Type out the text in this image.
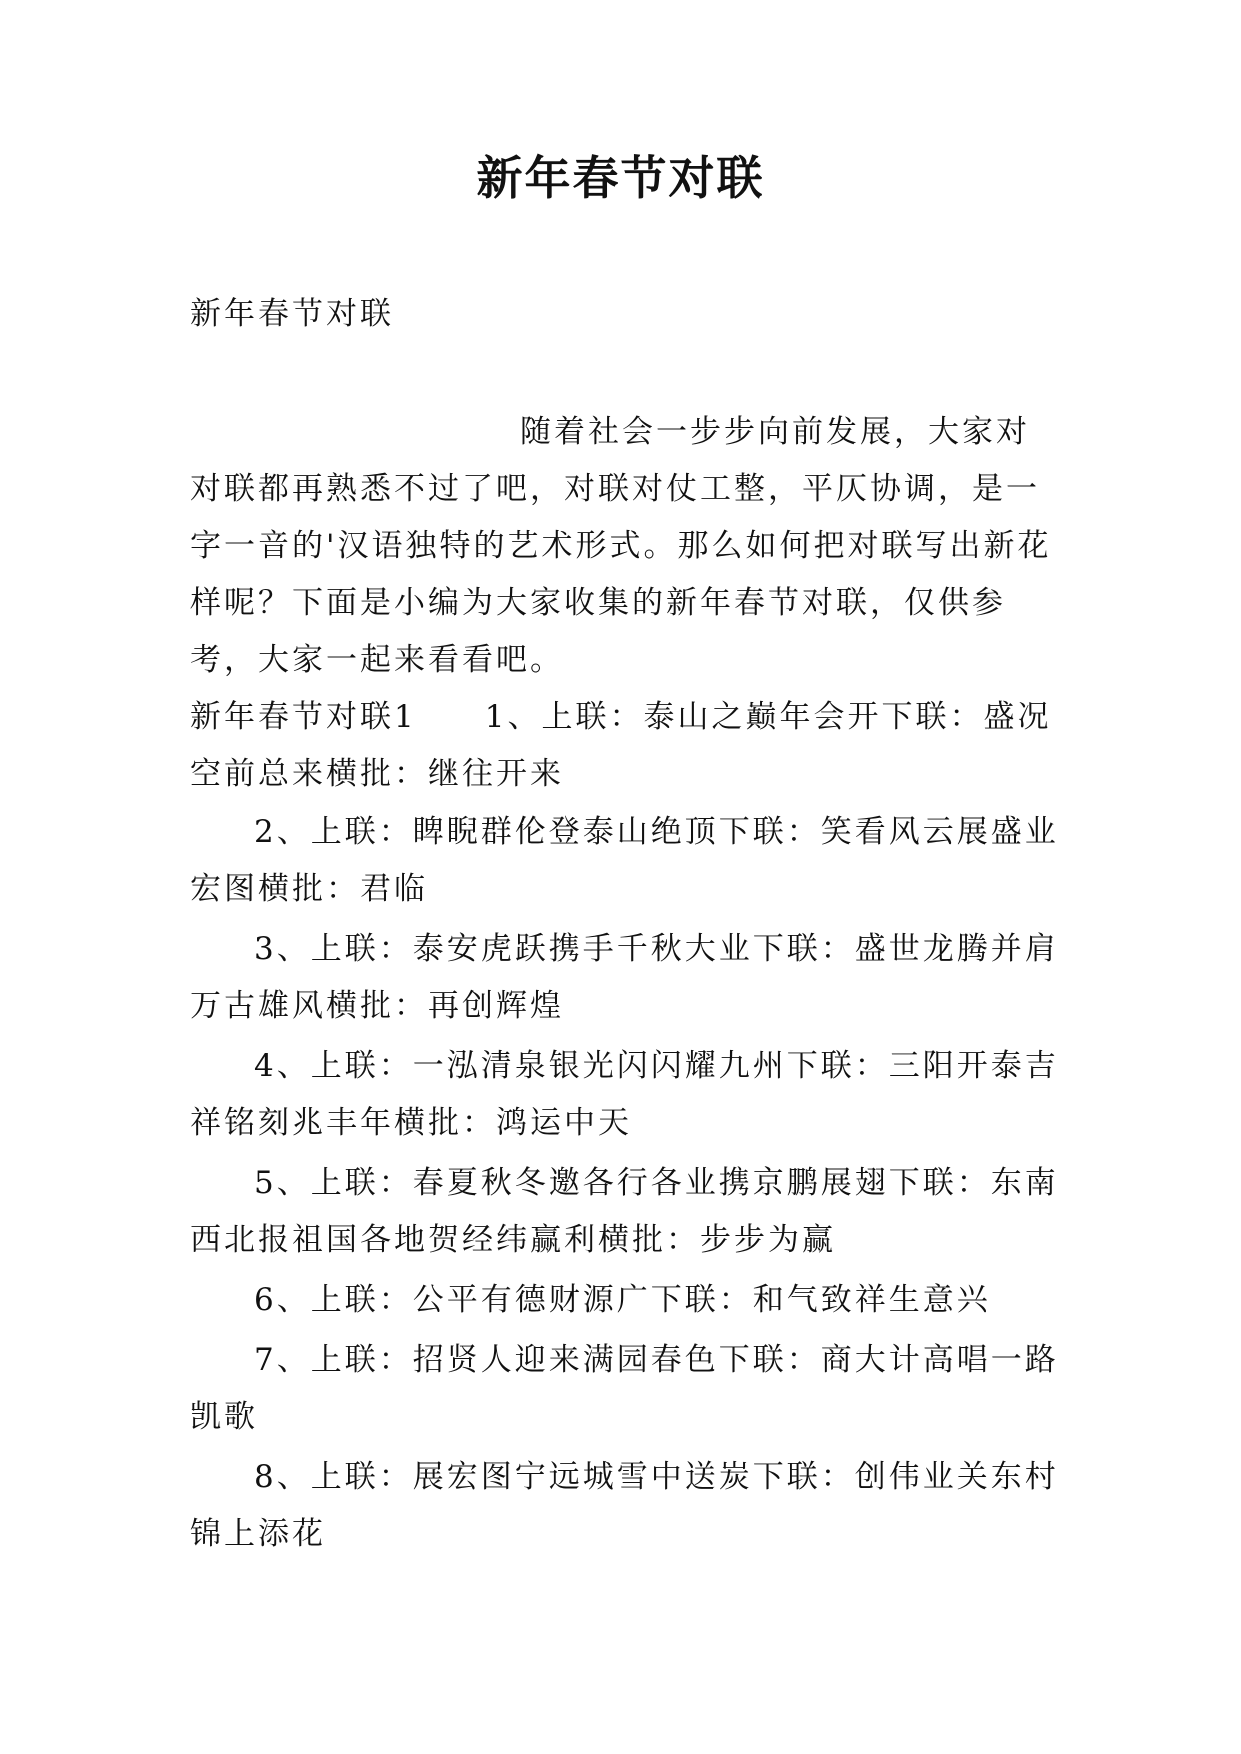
新年春节对联
新年春节对联

随着社会一步步向前发展，大家对对联都再熟悉不过了吧，对联对仗工整，平仄协调，是一字一音的'汉语独特的艺术形式。那么如何把对联写出新花样呢？下面是小编为大家收集的新年春节对联，仅供参考，大家一起来看看吧。

新年春节对联1　　1、上联：泰山之巅年会开下联：盛况空前总来横批：继往开来

2、上联：睥睨群伦登泰山绝顶下联：笑看风云展盛业宏图横批：君临

3、上联：泰安虎跃携手千秋大业下联：盛世龙腾并肩万古雄风横批：再创辉煌

4、上联：一泓清泉银光闪闪耀九州下联：三阳开泰吉祥铭刻兆丰年横批：鸿运中天

5、上联：春夏秋冬邀各行各业携京鹏展翅下联：东南西北报祖国各地贺经纬赢利横批：步步为赢

6、上联：公平有德财源广下联：和气致祥生意兴

7、上联：招贤人迎来满园春色下联：商大计高唱一路凯歌

8、上联：展宏图宁远城雪中送炭下联：创伟业关东村锦上添花
